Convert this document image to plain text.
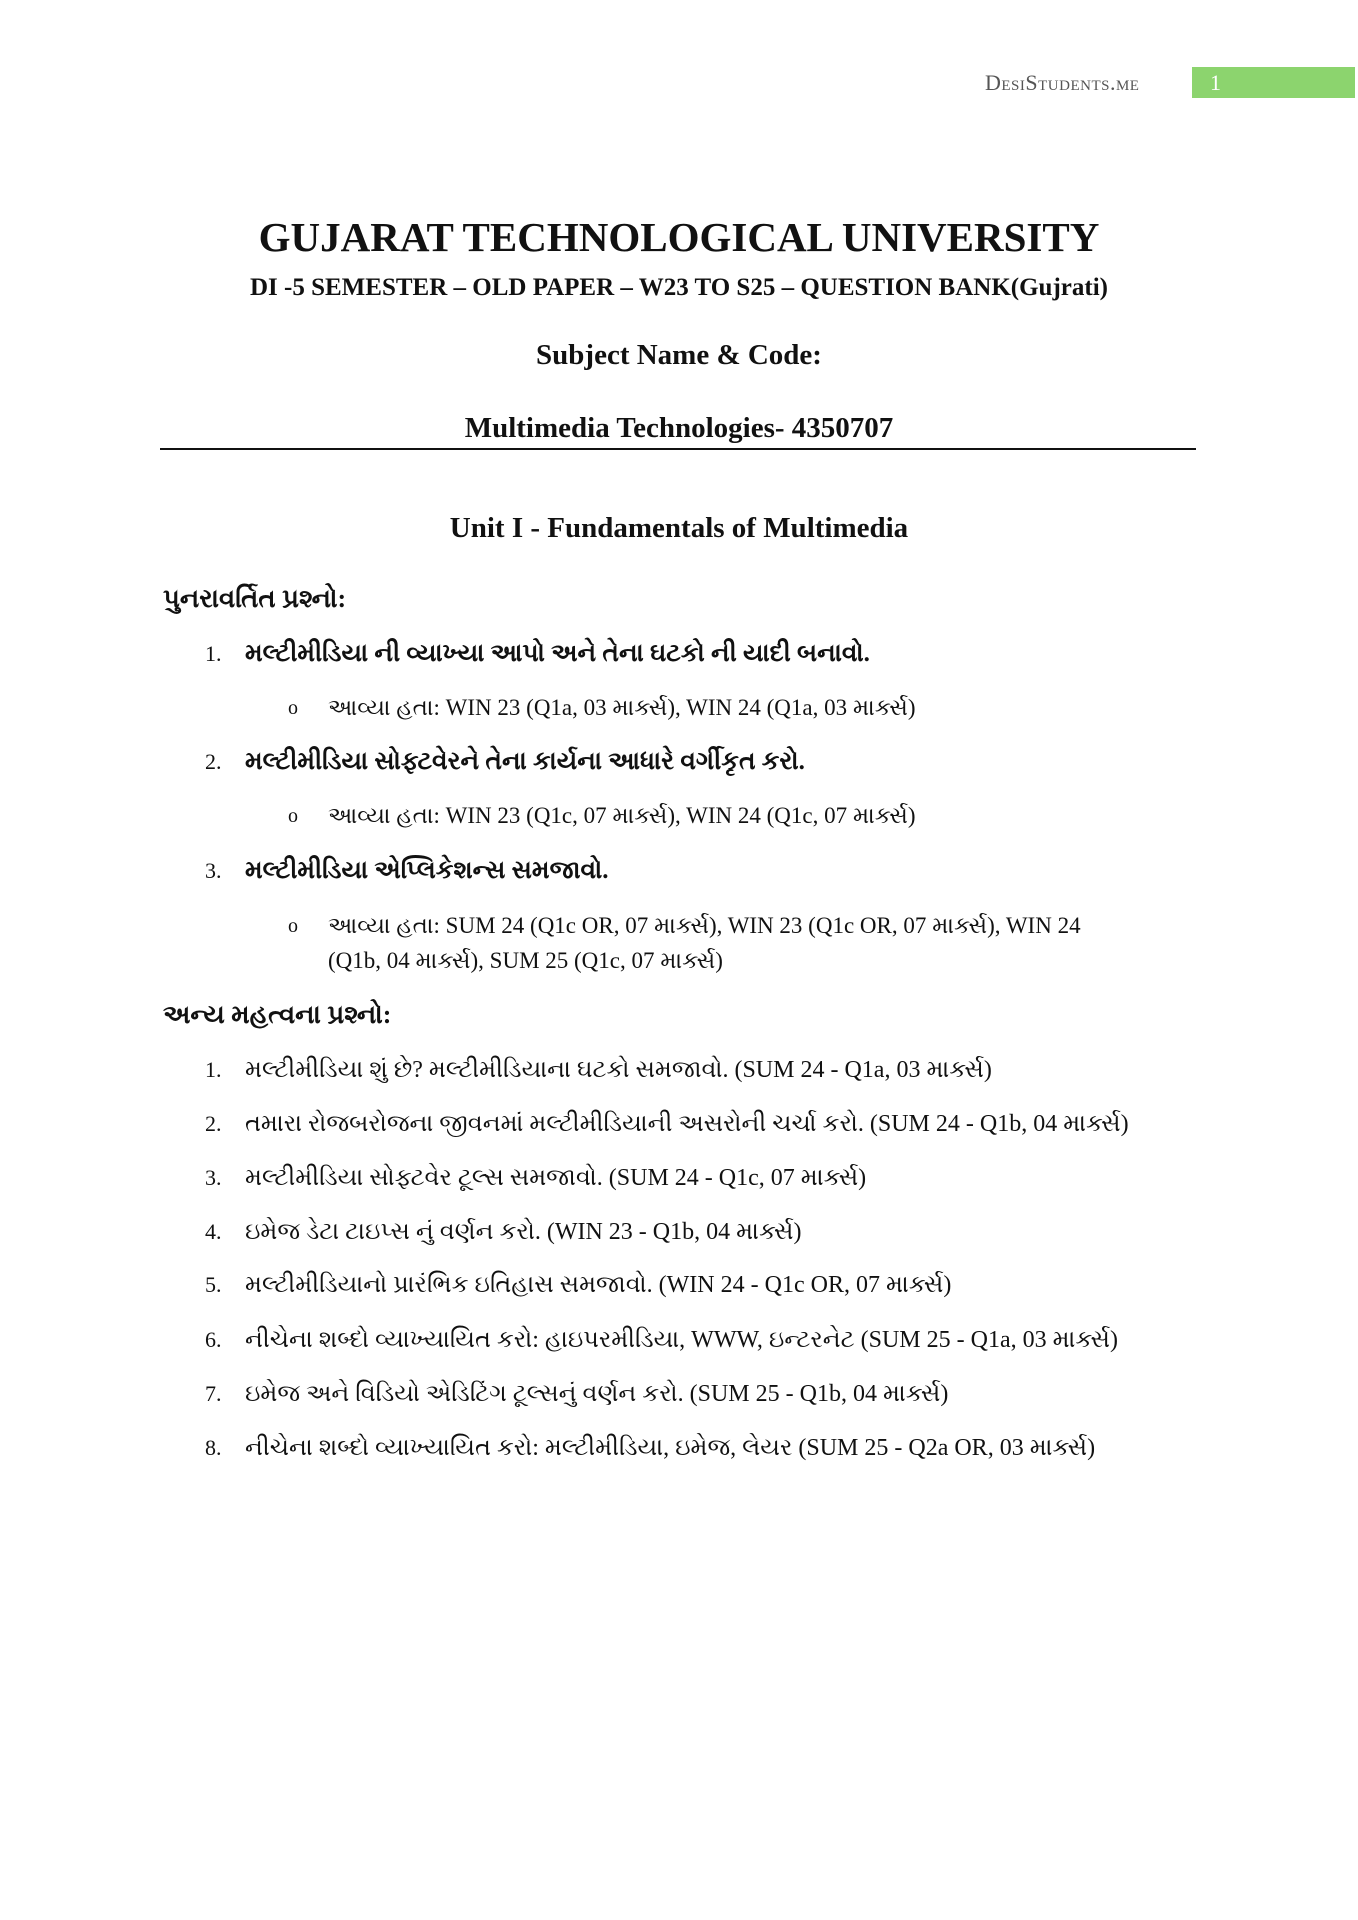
DesiStudents.me	1
GUJARAT TECHNOLOGICAL UNIVERSITY
DI -5 SEMESTER – OLD PAPER – W23 TO S25 – QUESTION BANK(Gujrati)
Subject Name & Code:
Multimedia Technologies- 4350707
Unit I - Fundamentals of Multimedia
પુનરાવર્તિત પ્રશ્નો:
1. મલ્ટીમીડિયા ની વ્યાખ્યા આપો અને તેના ઘટકો ની યાદી બનાવો.
o આવ્યા હતા: WIN 23 (Q1a, 03 માર્ક્સ), WIN 24 (Q1a, 03 માર્ક્સ)
2. મલ્ટીમીડિયા સોફ્ટવેરને તેના કાર્યના આધારે વર્ગીકૃત કરો.
o આવ્યા હતા: WIN 23 (Q1c, 07 માર્ક્સ), WIN 24 (Q1c, 07 માર્ક્સ)
3. મલ્ટીમીડિયા એપ્લિકેશન્સ સમજાવો.
o આવ્યા હતા: SUM 24 (Q1c OR, 07 માર્ક્સ), WIN 23 (Q1c OR, 07 માર્ક્સ), WIN 24
(Q1b, 04 માર્ક્સ), SUM 25 (Q1c, 07 માર્ક્સ)
અન્ય મહત્વના પ્રશ્નો:
1. મલ્ટીમીડિયા શું છે? મલ્ટીમીડિયાના ઘટકો સમજાવો. (SUM 24 - Q1a, 03 માર્ક્સ)
2. તમારા રોજબરોજના જીવનમાં મલ્ટીમીડિયાની અસરોની ચર્ચા કરો. (SUM 24 - Q1b, 04 માર્ક્સ)
3. મલ્ટીમીડિયા સોફ્ટવેર ટૂલ્સ સમજાવો. (SUM 24 - Q1c, 07 માર્ક્સ)
4. ઇમેજ ડેટા ટાઇપ્સ નું વર્ણન કરો. (WIN 23 - Q1b, 04 માર્ક્સ)
5. મલ્ટીમીડિયાનો પ્રારંભિક ઇતિહાસ સમજાવો. (WIN 24 - Q1c OR, 07 માર્ક્સ)
6. નીચેના શબ્દો વ્યાખ્યાયિત કરો: હાઇપરમીડિયા, WWW, ઇન્ટરનેટ (SUM 25 - Q1a, 03 માર્ક્સ)
7. ઇમેજ અને વિડિયો એડિટિંગ ટૂલ્સનું વર્ણન કરો. (SUM 25 - Q1b, 04 માર્ક્સ)
8. નીચેના શબ્દો વ્યાખ્યાયિત કરો: મલ્ટીમીડિયા, ઇમેજ, લેયર (SUM 25 - Q2a OR, 03 માર્ક્સ)
